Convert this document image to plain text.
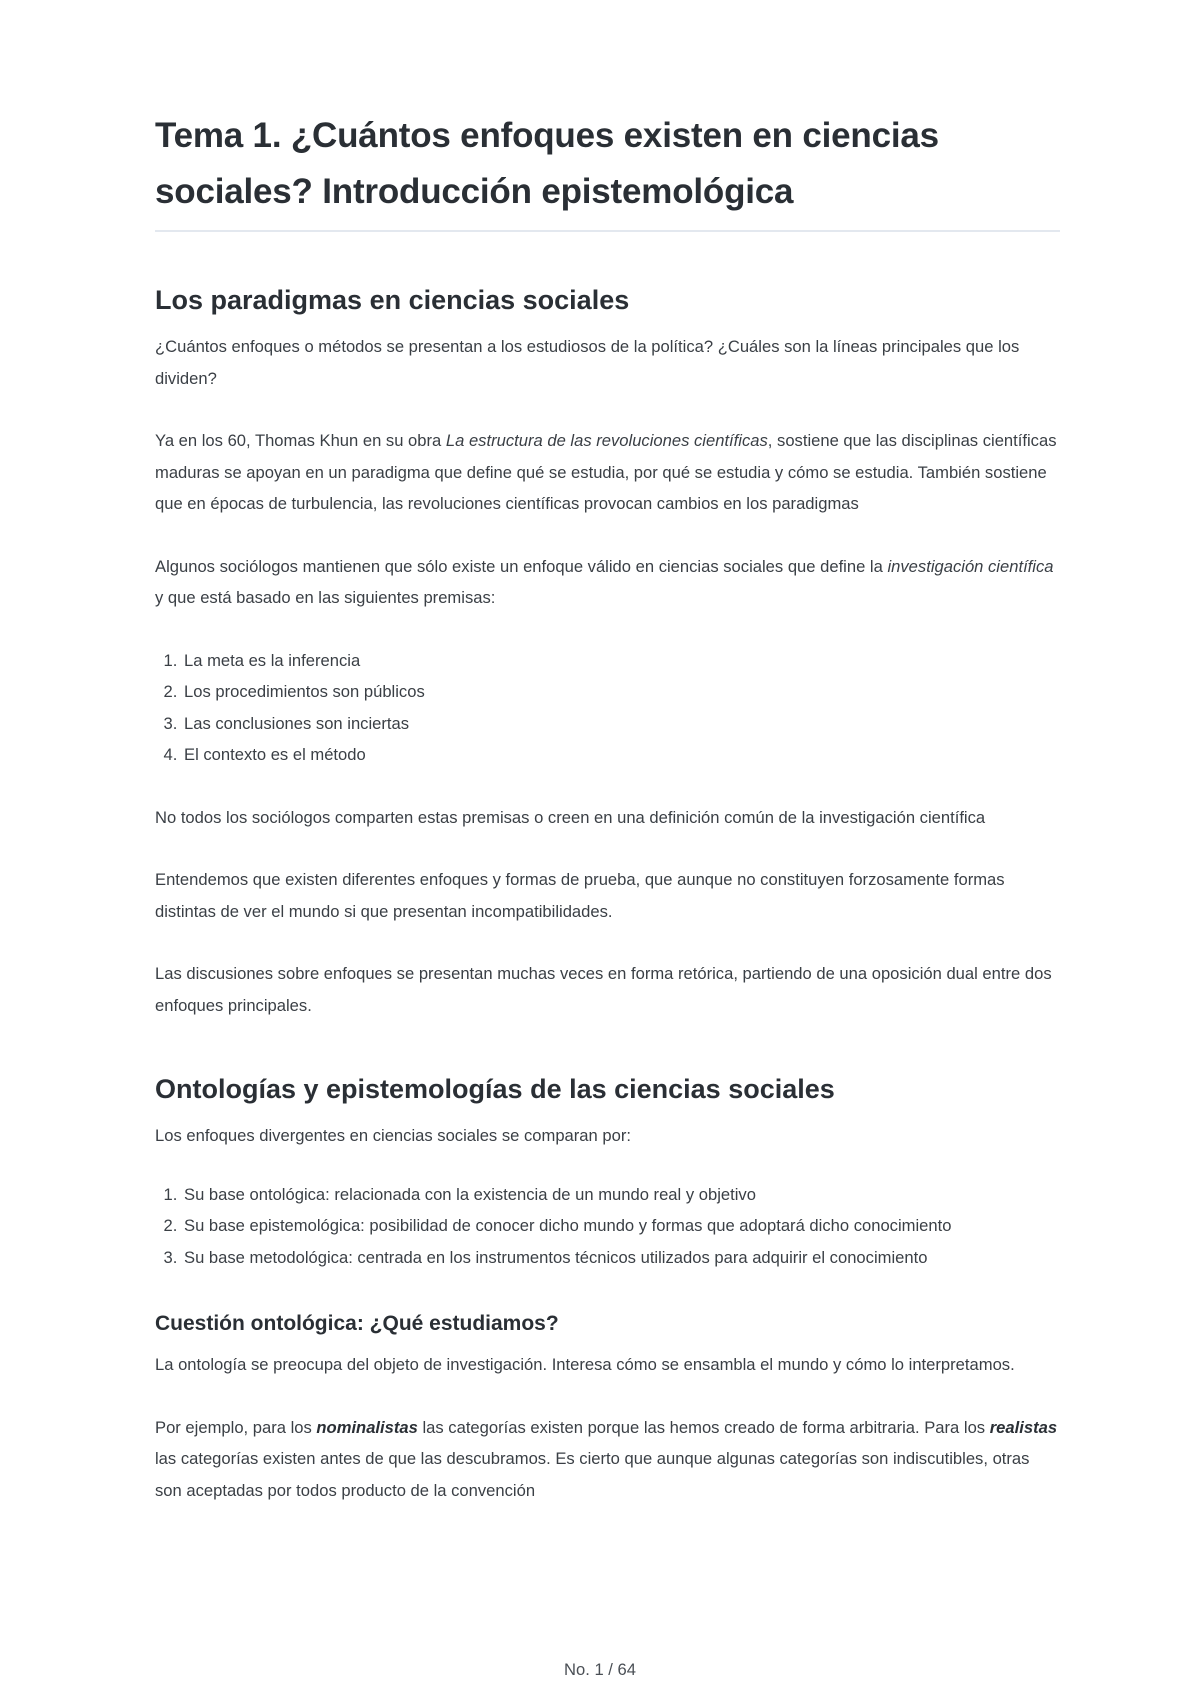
Tema 1. ¿Cuántos enfoques existen en ciencias sociales? Introducción epistemológica
Los paradigmas en ciencias sociales

¿Cuántos enfoques o métodos se presentan a los estudiosos de la política? ¿Cuáles son la líneas principales que los dividen?

Ya en los 60, Thomas Khun en su obra La estructura de las revoluciones científicas, sostiene que las disciplinas científicas maduras se apoyan en un paradigma que define qué se estudia, por qué se estudia y cómo se estudia. También sostiene que en épocas de turbulencia, las revoluciones científicas provocan cambios en los paradigmas

Algunos sociólogos mantienen que sólo existe un enfoque válido en ciencias sociales que define la investigación científica y que está basado en las siguientes premisas:

1. La meta es la inferencia
2. Los procedimientos son públicos
3. Las conclusiones son inciertas
4. El contexto es el método

No todos los sociólogos comparten estas premisas o creen en una definición común de la investigación científica

Entendemos que existen diferentes enfoques y formas de prueba, que aunque no constituyen forzosamente formas distintas de ver el mundo si que presentan incompatibilidades.

Las discusiones sobre enfoques se presentan muchas veces en forma retórica, partiendo de una oposición dual entre dos enfoques principales.

Ontologías y epistemologías de las ciencias sociales

Los enfoques divergentes en ciencias sociales se comparan por:

1. Su base ontológica: relacionada con la existencia de un mundo real y objetivo
2. Su base epistemológica: posibilidad de conocer dicho mundo y formas que adoptará dicho conocimiento
3. Su base metodológica: centrada en los instrumentos técnicos utilizados para adquirir el conocimiento
Cuestión ontológica: ¿Qué estudiamos?

La ontología se preocupa del objeto de investigación. Interesa cómo se ensambla el mundo y cómo lo interpretamos.

Por ejemplo, para los nominalistas las categorías existen porque las hemos creado de forma arbitraria. Para los realistas las categorías existen antes de que las descubramos. Es cierto que aunque algunas categorías son indiscutibles, otras son aceptadas por todos producto de la convención

No. 1 / 64
